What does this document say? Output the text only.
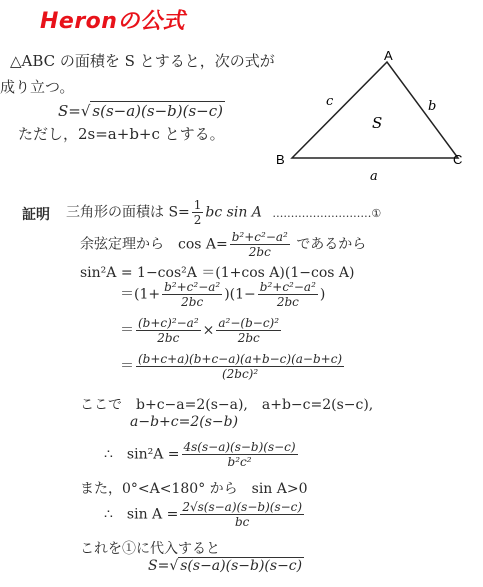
Heronの公式
△ABC の面積を S とすると，次の式が
成り立つ。
S=√ s(s−a)(s−b)(s−c)
ただし，2s=a+b+c とする。
A
B	C
a
b
c
S
証明 三角形の面積は $S= \frac{1}{2}$ bc sin A ………………………①
余弦定理から　$\cos A= \frac{\text{b²+c²−a²}}{2bc}$ であるから
sin²A = 1−cos²A ＝(1+cos A)(1−cos A)
$=(1+ \frac{\text{b²+c²−a²}}{2bc} )(1- \frac{\text{b²+c²−a²}}{2bc}$ )
＝ $\frac{\text{(b+c)²−a²}}{2bc} \times \frac{\text{a²−(b−c)²}}{2bc}$
＝ $\frac{(b+c+a)(b+c-a)(a+b-c)(a-b+c)}{\text{(2bc)²}}$
ここで　b+c−a=2(s−a),　a+b−c=2(s−c),
a−b+c=2(s−b)
∴　$\sin^2A = \frac{4s(s-a)(s-b)(s-c)}{\text{b²c²}}$
また，0°<A<180° から　sin A>0
∴　$\sin A = \frac{2√s(s-a)(s-b)(s-c)}{bc}$
これを①に代入すると
S=√ s(s−a)(s−b)(s−c)
